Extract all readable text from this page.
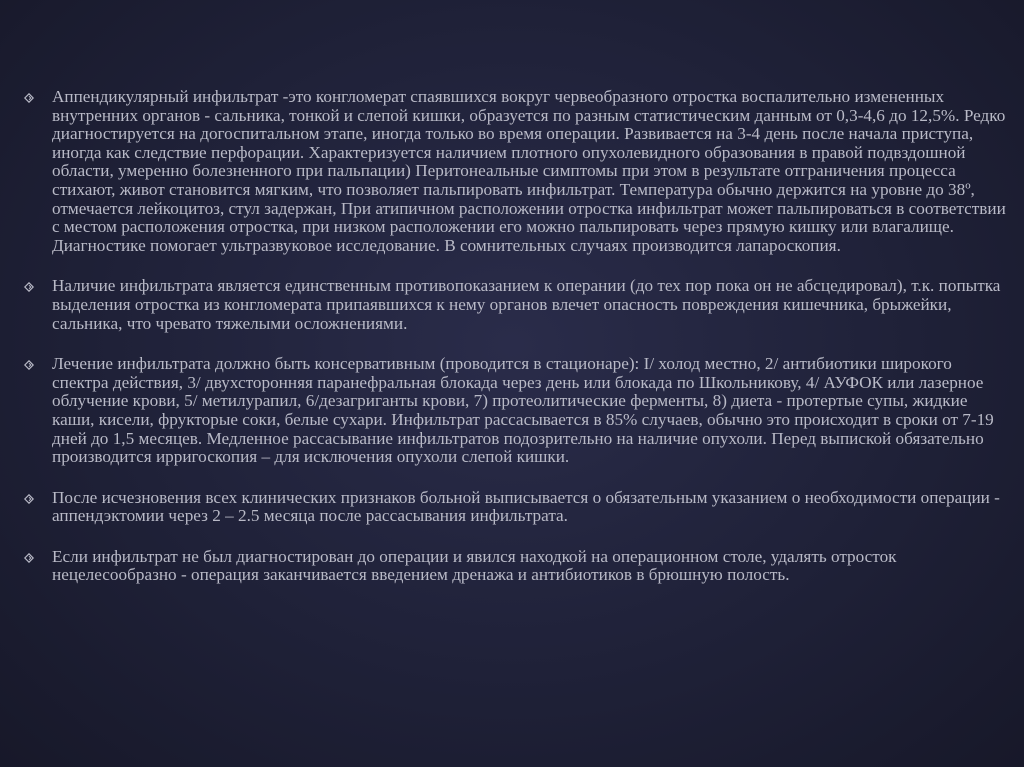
Аппендикулярный инфильтрат -это конгломерат спаявшихся вокруг червеобразного отростка воспалительно измененных внутренних органов - сальника, тонкой и слепой кишки, образуется по разным статистическим данным от 0,3-4,6 до 12,5%. Редко диагностируется на догоспитальном этапе, иногда только во время операции. Развивается на 3-4 день после начала приступа, иногда как следствие перфорации. Характеризуется наличием плотного опухолевидного образования в правой подвздошной области, умеренно болезненного при пальпации) Перитонеальные симптомы при этом в результате отграничения процесса стихают, живот становится мягким, что позволяет пальпировать инфильтрат. Температура обычно держится на уровне до 38º, отмечается лейкоцитоз, стул задержан, При атипичном расположении отростка инфильтрат может пальпироваться в соответствии с местом расположения отростка, при низком расположении его можно пальпировать через прямую кишку или влагалище. Диагностике помогает ультразвуковое исследование. В сомнительных случаях производится лапароскопия.
Наличие инфильтрата является единственным противопоказанием к оперании (до тех пор пока он не абсцедировал), т.к. попытка выделения отростка из конгломерата припаявшихся к нему органов влечет опасность повреждения кишечника, брыжейки, сальника, что чревато тяжелыми осложнениями.
Лечение инфильтрата должно быть консервативным (проводится в стационаре): I/ холод местно, 2/ антибиотики широкого спектра действия, 3/ двухсторонняя паранефральная блокада через день или блокада по Школьникову, 4/ АУФОК или лазерное облучение крови, 5/ метилурапил, 6/дезагриганты крови, 7) протеолитические ферменты, 8) диета - протертые супы, жидкие каши, кисели, фрукторые соки, белые сухари. Инфильтрат рассасывается в 85% случаев, обычно это происходит в сроки от 7-19 дней до 1,5 месяцев. Медленное рассасывание инфильтратов подозрительно на наличие опухоли. Перед выпиской обязательно производится ирригоскопия – для исключения опухоли слепой кишки.
После исчезновения всех клинических признаков больной выписывается о обязательным указанием о необходимости операции - аппендэктомии через 2 – 2.5 месяца после рассасывания инфильтрата.
Если инфильтрат не был диагностирован до операции и явился находкой на операционном столе, удалять отросток нецелесообразно - операция заканчивается введением дренажа и антибиотиков в брюшную полость.
